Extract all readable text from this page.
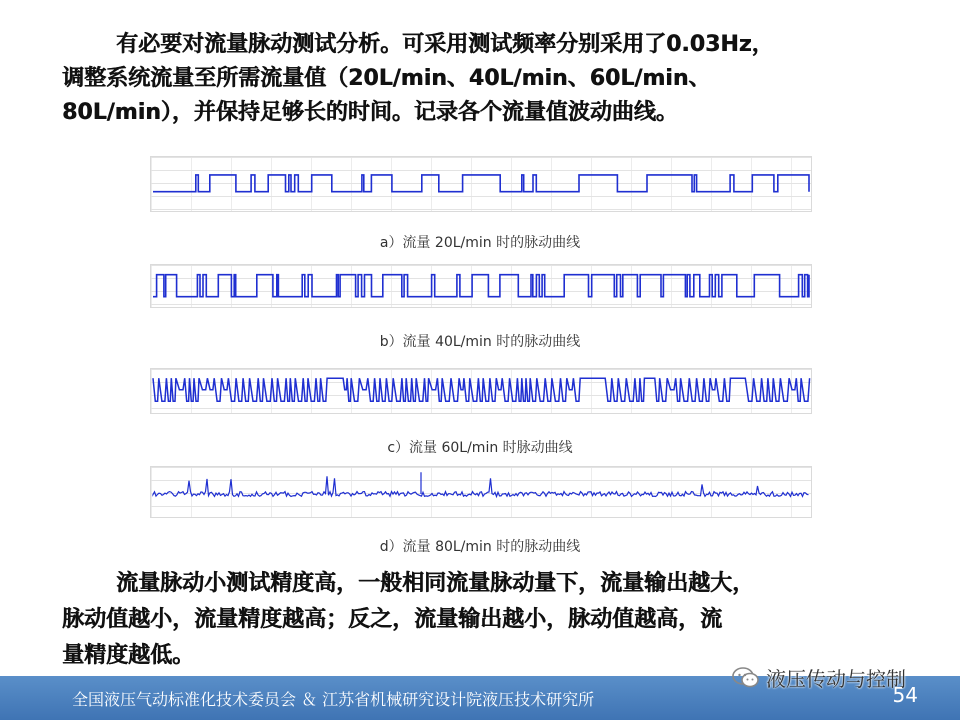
有必要对流量脉动测试分析。可采用测试频率分别采用了0.03Hz，
调整系统流量至所需流量值（20L/min、40L/min、60L/min、
80L/min），并保持足够长的时间。记录各个流量值波动曲线。
a）流量 20L/min 时的脉动曲线
b）流量 40L/min 时的脉动曲线
c）流量 60L/min 时脉动曲线
d）流量 80L/min 时的脉动曲线
流量脉动小测试精度高，一般相同流量脉动量下，流量输出越大，
脉动值越小，流量精度越高；反之，流量输出越小，脉动值越高，流
量精度越低。
全国液压气动标准化技术委员会 ＆ 江苏省机械研究设计院液压技术研究所	54
液压传动与控制
